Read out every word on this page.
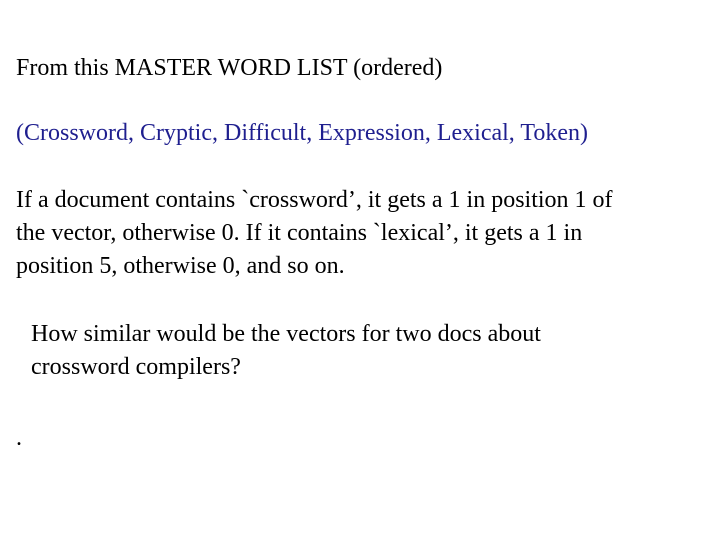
From this MASTER WORD LIST (ordered)

(Crossword, Cryptic, Difficult, Expression, Lexical, Token)

If a document contains `crossword’, it gets a 1 in position 1 of
the vector, otherwise 0. If it contains `lexical’, it gets a 1 in
position 5, otherwise 0, and so on.

How similar would be the vectors for two docs about
crossword compilers?

.
